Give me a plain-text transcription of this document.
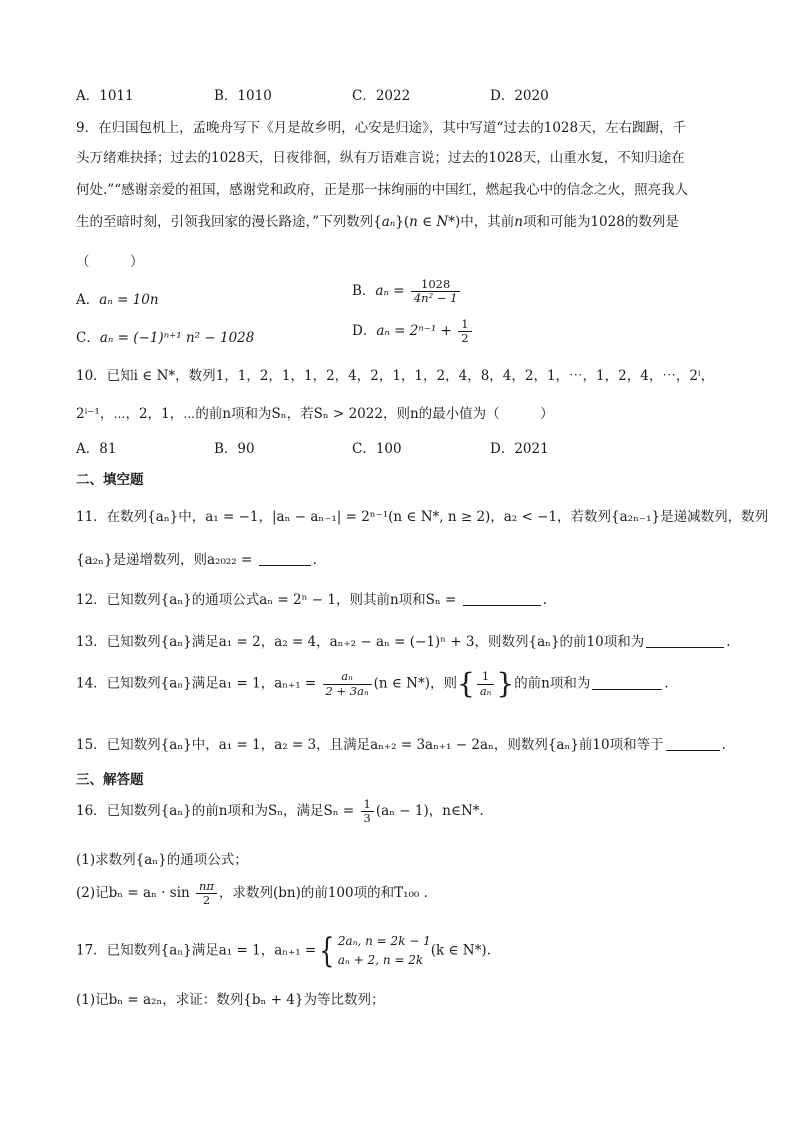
A．1011	B．1010	C．2022	D．2020
9．在归国包机上，孟晚舟写下《月是故乡明，心安是归途》，其中写道“过去的1028天，左右踟蹰，千
头万绪难抉择；过去的1028天，日夜徘徊，纵有万语难言说；过去的1028天，山重水复，不知归途在
何处.”“感谢亲爱的祖国，感谢党和政府，正是那一抹绚丽的中国红，燃起我心中的信念之火，照亮我人
生的至暗时刻，引领我回家的漫长路途，”下列数列{aₙ}(n ∈ N*)中，其前n项和可能为1028的数列是
（　　　）
A．aₙ = 10n
B．$a_n = \frac{1028}{\text{4n² − 1}}$
C．aₙ = (−1)ⁿ⁺¹ n² − 1028	D．$a_n = 2^{n-1} + \frac{1}{2}$
10．已知i ∈ N*，数列1，1，2，1，1，2，4，2，1，1，2，4，8，4，2，1，⋯，1，2，4，⋯，2ⁱ，
2ⁱ⁻¹，⋯，2，1，⋯的前n项和为Sₙ，若Sₙ > 2022，则n的最小值为（　　　）
A．81	B．90	C．100	D．2021
二、填空题
11．在数列{aₙ}中，a₁ = −1，|aₙ − aₙ₋₁| = 2ⁿ⁻¹(n ∈ N*, n ≥ 2)，a₂ < −1，若数列{a₂ₙ₋₁}是递减数列，数列
{a₂ₙ}是递增数列，则a₂₀₂₂ =	.
12．已知数列{aₙ}的通项公式aₙ = 2ⁿ − 1，则其前n项和Sₙ =	.
13．已知数列{aₙ}满足a₁ = 2，a₂ = 4，aₙ₊₂ − aₙ = (−1)ⁿ + 3，则数列{aₙ}的前10项和为	.
14．已知数列{aₙ}满足a₁ = 1，$a_{n+1} = \frac{\text{aₙ}}{\text{2 + 3aₙ}} (n$ ∈ N*)，则{ $\frac{1}{\text{aₙ}}$ }的前n项和为	.
15．已知数列{aₙ}中，a₁ = 1，a₂ = 3，且满足aₙ₊₂ = 3aₙ₊₁ − 2aₙ，则数列{aₙ}前10项和等于	.
三、解答题
16．已知数列{aₙ}的前n项和为Sₙ，满足$S_n = \frac{1}{3} (a_n - 1)$，n∈N*.
(1)求数列{aₙ}的通项公式；
(2)记$b_n = a_n \cdot \sin \frac{n\pi}{2}$ ，求数列(bn)的前100项的和T₁₀₀ .
17．已知数列{aₙ}满足a₁ = 1，aₙ₊₁ ={ 2aₙ, n = 2k − 1
aₙ + 2, n = 2k
(k ∈ N*).
(1)记bₙ = a₂ₙ，求证：数列{bₙ + 4}为等比数列；
